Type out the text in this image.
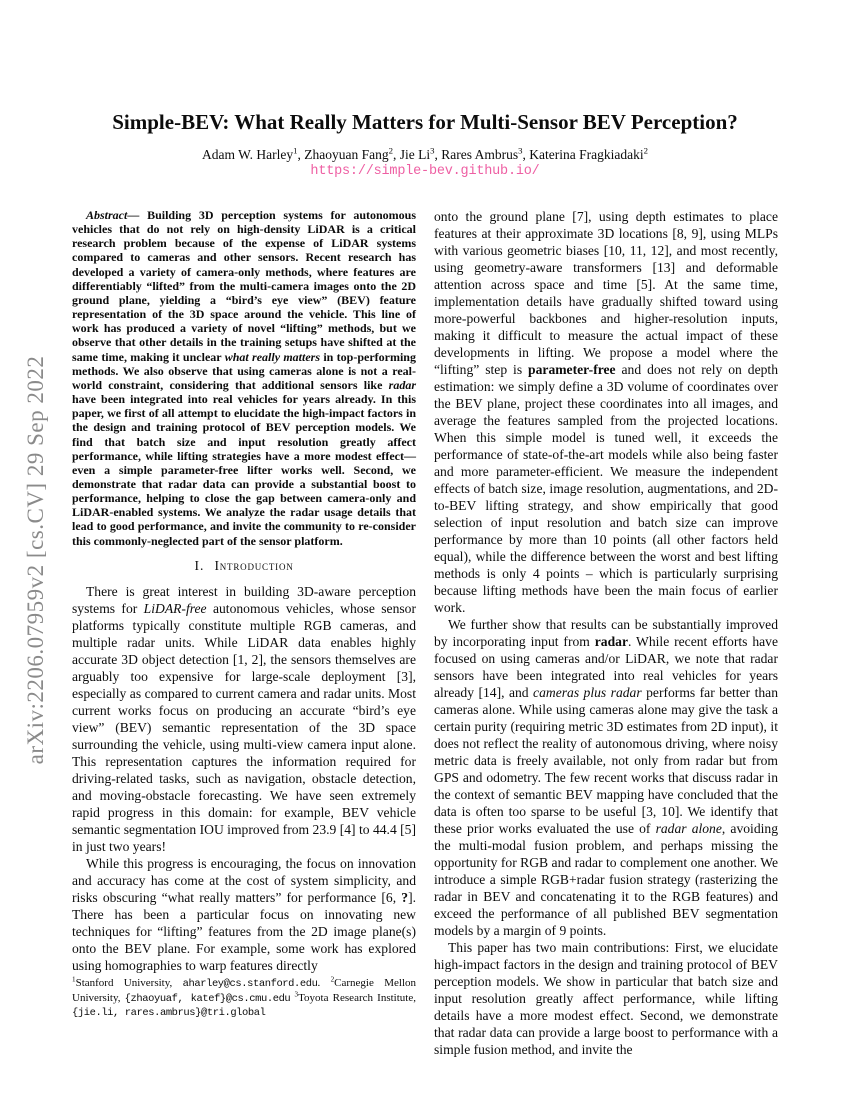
arXiv:2206.07959v2 [cs.CV] 29 Sep 2022
Simple-BEV: What Really Matters for Multi-Sensor BEV Perception?
Adam W. Harley$^1$, Zhaoyuan Fang$^2$, Jie Li$^3$, Rares Ambrus$^3$, Katerina Fragkiadaki$^2$
https://simple-bev.github.io/

Abstract— Building 3D perception systems for autonomous vehicles that do not rely on high-density LiDAR is a critical research problem because of the expense of LiDAR systems compared to cameras and other sensors. Recent research has developed a variety of camera-only methods, where features are differentiably “lifted” from the multi-camera images onto the 2D ground plane, yielding a “bird’s eye view” (BEV) feature representation of the 3D space around the vehicle. This line of work has produced a variety of novel “lifting” methods, but we observe that other details in the training setups have shifted at the same time, making it unclear what really matters in top-performing methods. We also observe that using cameras alone is not a real-world constraint, considering that additional sensors like radar have been integrated into real vehicles for years already. In this paper, we first of all attempt to elucidate the high-impact factors in the design and training protocol of BEV perception models. We find that batch size and input resolution greatly affect performance, while lifting strategies have a more modest effect—even a simple parameter-free lifter works well. Second, we demonstrate that radar data can provide a substantial boost to performance, helping to close the gap between camera-only and LiDAR-enabled systems. We analyze the radar usage details that lead to good performance, and invite the community to re-consider this commonly-neglected part of the sensor platform.

I. Introduction

There is great interest in building 3D-aware perception systems for LiDAR-free autonomous vehicles, whose sensor platforms typically constitute multiple RGB cameras, and multiple radar units. While LiDAR data enables highly accurate 3D object detection [1, 2], the sensors themselves are arguably too expensive for large-scale deployment [3], especially as compared to current camera and radar units. Most current works focus on producing an accurate “bird’s eye view” (BEV) semantic representation of the 3D space surrounding the vehicle, using multi-view camera input alone. This representation captures the information required for driving-related tasks, such as navigation, obstacle detection, and moving-obstacle forecasting. We have seen extremely rapid progress in this domain: for example, BEV vehicle semantic segmentation IOU improved from 23.9 [4] to 44.4 [5] in just two years!

While this progress is encouraging, the focus on innovation and accuracy has come at the cost of system simplicity, and risks obscuring “what really matters” for performance [6, ?]. There has been a particular focus on innovating new techniques for “lifting” features from the 2D image plane(s) onto the BEV plane. For example, some work has explored using homographies to warp features directly

onto the ground plane [7], using depth estimates to place features at their approximate 3D locations [8, 9], using MLPs with various geometric biases [10, 11, 12], and most recently, using geometry-aware transformers [13] and deformable attention across space and time [5]. At the same time, implementation details have gradually shifted toward using more-powerful backbones and higher-resolution inputs, making it difficult to measure the actual impact of these developments in lifting. We propose a model where the “lifting” step is parameter-free and does not rely on depth estimation: we simply define a 3D volume of coordinates over the BEV plane, project these coordinates into all images, and average the features sampled from the projected locations. When this simple model is tuned well, it exceeds the performance of state-of-the-art models while also being faster and more parameter-efficient. We measure the independent effects of batch size, image resolution, augmentations, and 2D-to-BEV lifting strategy, and show empirically that good selection of input resolution and batch size can improve performance by more than 10 points (all other factors held equal), while the difference between the worst and best lifting methods is only 4 points – which is particularly surprising because lifting methods have been the main focus of earlier work.

We further show that results can be substantially improved by incorporating input from radar. While recent efforts have focused on using cameras and/or LiDAR, we note that radar sensors have been integrated into real vehicles for years already [14], and cameras plus radar performs far better than cameras alone. While using cameras alone may give the task a certain purity (requiring metric 3D estimates from 2D input), it does not reflect the reality of autonomous driving, where noisy metric data is freely available, not only from radar but from GPS and odometry. The few recent works that discuss radar in the context of semantic BEV mapping have concluded that the data is often too sparse to be useful [3, 10]. We identify that these prior works evaluated the use of radar alone, avoiding the multi-modal fusion problem, and perhaps missing the opportunity for RGB and radar to complement one another. We introduce a simple RGB+radar fusion strategy (rasterizing the radar in BEV and concatenating it to the RGB features) and exceed the performance of all published BEV segmentation models by a margin of 9 points.

This paper has two main contributions: First, we elucidate high-impact factors in the design and training protocol of BEV perception models. We show in particular that batch size and input resolution greatly affect performance, while lifting details have a more modest effect. Second, we demonstrate that radar data can provide a large boost to performance with a simple fusion method, and invite the

$^1$Stanford University, aharley@cs.stanford.edu. $^2$Carnegie Mellon University, {zhaoyuaf, katef}@cs.cmu.edu $^3$Toyota Research Institute, {jie.li, rares.ambrus}@tri.global
